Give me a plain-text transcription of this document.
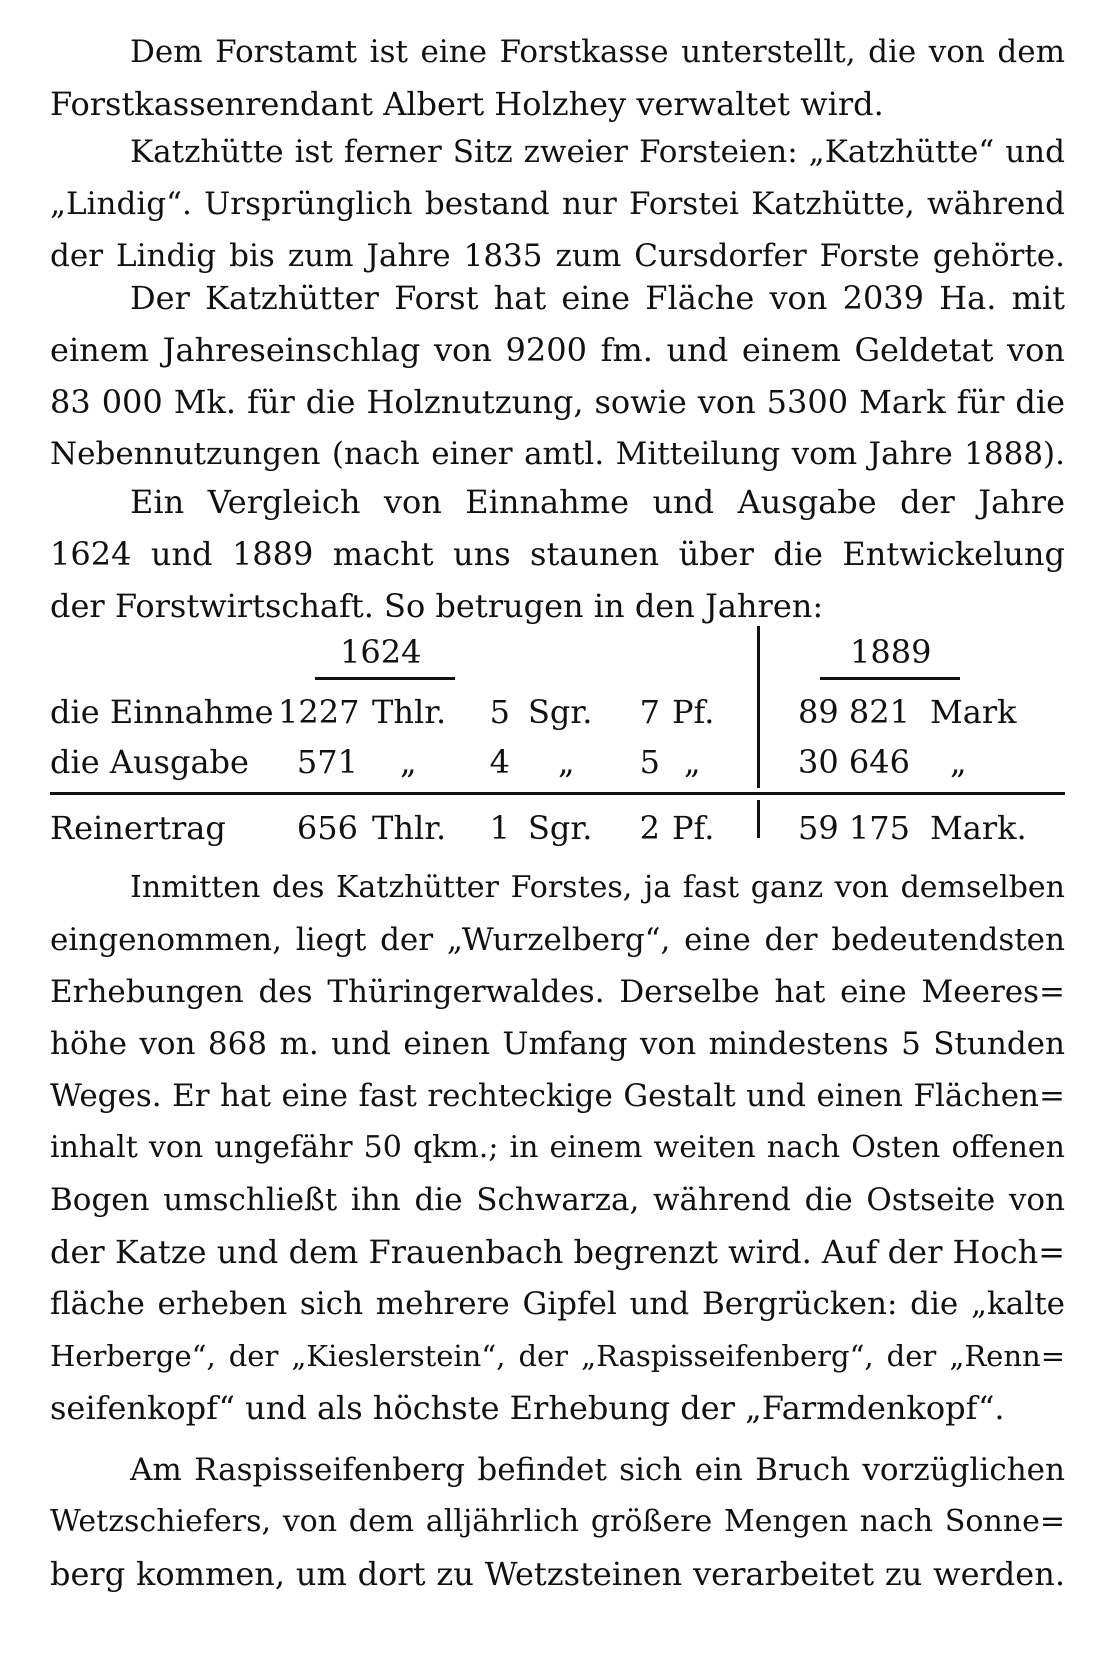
Dem Forstamt ist eine Forstkasse unterstellt, die von dem
Forstkassenrendant Albert Holzhey verwaltet wird.
Katzhütte ist ferner Sitz zweier Forsteien: „Katzhütte“ und
„Lindig“. Ursprünglich bestand nur Forstei Katzhütte, während
der Lindig bis zum Jahre 1835 zum Cursdorfer Forste gehörte.
Der Katzhütter Forst hat eine Fläche von 2039 Ha. mit
einem Jahreseinschlag von 9200 fm. und einem Geldetat von
83 000 Mk. für die Holznutzung, sowie von 5300 Mark für die
Nebennutzungen (nach einer amtl. Mitteilung vom Jahre 1888).
Ein Vergleich von Einnahme und Ausgabe der Jahre
1624 und 1889 macht uns staunen über die Entwickelung
der Forstwirtschaft. So betrugen in den Jahren:
1624	1889
die Einnahme 1227 Thlr.	5 Sgr.	7 Pf.	89 821 Mark
die Ausgabe	571 „	4 „	5 „	30 646 „
Reinertrag	656 Thlr.	1 Sgr.	2 Pf.	59 175 Mark.
Inmitten des Katzhütter Forstes, ja fast ganz von demselben
eingenommen, liegt der „Wurzelberg“, eine der bedeutendsten
Erhebungen des Thüringerwaldes. Derselbe hat eine Meeres=
höhe von 868 m. und einen Umfang von mindestens 5 Stunden
Weges. Er hat eine fast rechteckige Gestalt und einen Flächen=
inhalt von ungefähr 50 qkm.; in einem weiten nach Osten offenen
Bogen umschließt ihn die Schwarza, während die Ostseite von
der Katze und dem Frauenbach begrenzt wird. Auf der Hoch=
fläche erheben sich mehrere Gipfel und Bergrücken: die „kalte
Herberge“, der „Kieslerstein“, der „Raspisseifenberg“, der „Renn=
seifenkopf“ und als höchste Erhebung der „Farmdenkopf“.
Am Raspisseifenberg befindet sich ein Bruch vorzüglichen
Wetzschiefers, von dem alljährlich größere Mengen nach Sonne=
berg kommen, um dort zu Wetzsteinen verarbeitet zu werden.
